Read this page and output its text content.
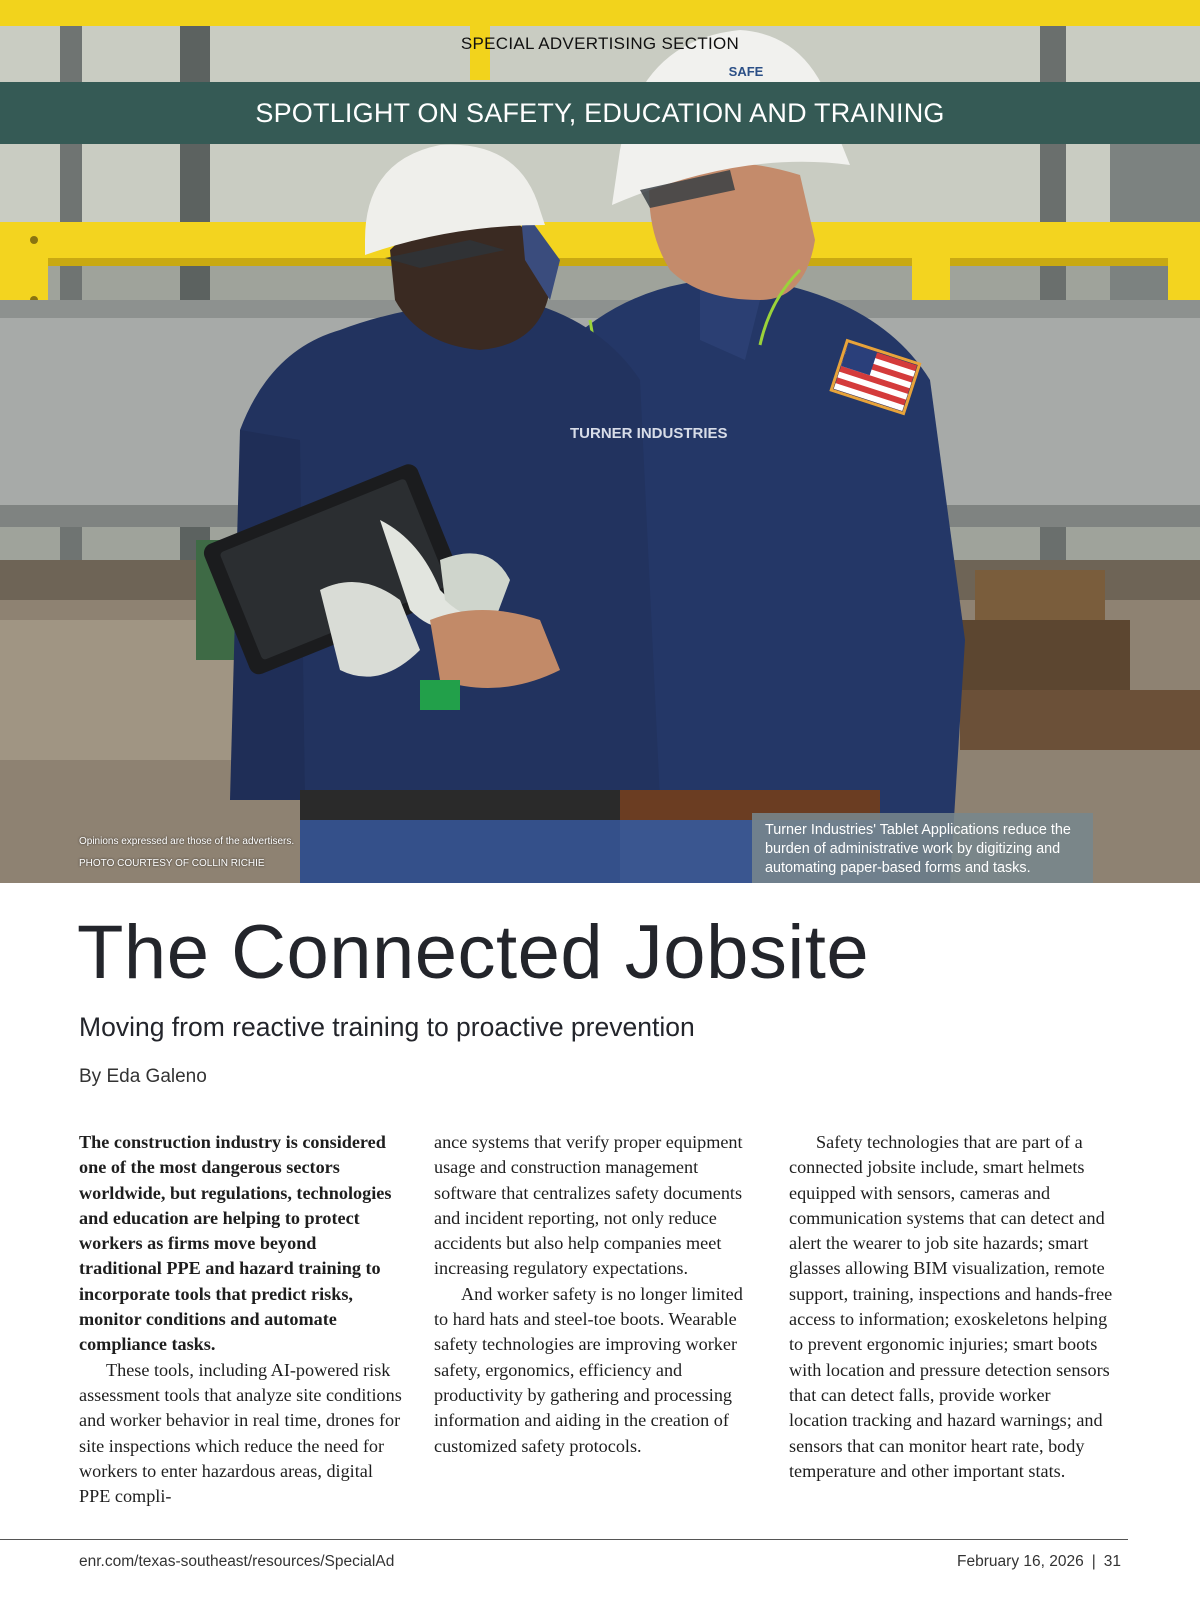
SAFE
TURNER INDUSTRIES
SPECIAL ADVERTISING SECTION
SPOTLIGHT ON SAFETY, EDUCATION AND TRAINING
Opinions expressed are those of the advertisers.
PHOTO COURTESY OF COLLIN RICHIE
Turner Industries' Tablet Applications reduce the burden of administrative work by digitizing and automating paper-based forms and tasks.
The Connected Jobsite
Moving from reactive training to proactive prevention
By Eda Galeno

The construction industry is considered one of the most dangerous sectors worldwide, but regulations, technologies and education are helping to protect workers as firms move beyond traditional PPE and hazard training to incorporate tools that predict risks, monitor conditions and automate compliance tasks.

These tools, including AI-powered risk assessment tools that analyze site conditions and worker behavior in real time, drones for site inspections which reduce the need for workers to enter hazardous areas, digital PPE compli-

ance systems that verify proper equipment usage and construction management software that centralizes safety documents and incident reporting, not only reduce accidents but also help companies meet increasing regulatory expectations.

And worker safety is no longer limited to hard hats and steel-toe boots. Wearable safety technologies are improving worker safety, ergonomics, efficiency and productivity by gathering and processing information and aiding in the creation of customized safety protocols.

Safety technologies that are part of a connected jobsite include, smart helmets equipped with sensors, cameras and communication systems that can detect and alert the wearer to job site hazards; smart glasses allowing BIM visualization, remote support, training, inspections and hands-free access to information; exoskeletons helping to prevent ergonomic injuries; smart boots with location and pressure detection sensors that can detect falls, provide worker location tracking and hazard warnings; and sensors that can monitor heart rate, body temperature and other important stats.

enr.com/texas-southeast/resources/SpecialAd	February 16, 2026 | 31
